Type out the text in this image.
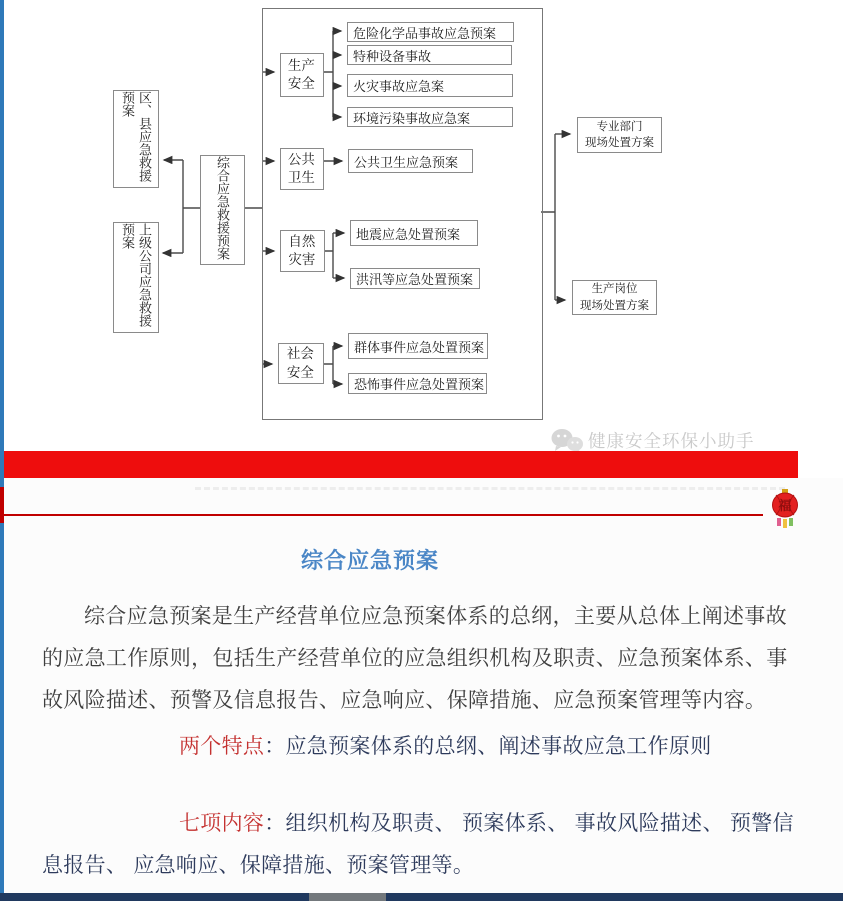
区、县应急救援预案
上级公司应急救援预案	综合应急救援预案
生产安全
公共卫生
自然灾害
社会安全
危险化学品事故应急预案
特种设备事故
火灾事故应急案
环境污染事故应急案
公共卫生应急预案
地震应急处置预案
洪汛等应急处置预案
群体事件应急处置预案
恐怖事件应急处置预案
专业部门
现场处置方案
生产岗位
现场处置方案
健康安全环保小助手
福
综合应急预案
综合应急预案是生产经营单位应急预案体系的总纲，主要从总体上阐述事故的应急工作原则，包括生产经营单位的应急组织机构及职责、应急预案体系、事故风险描述、预警及信息报告、应急响应、保障措施、应急预案管理等内容。
两个特点：应急预案体系的总纲、阐述事故应急工作原则
七项内容：组织机构及职责、 预案体系、 事故风险描述、 预警信息报告、 应急响应、保障措施、预案管理等。
